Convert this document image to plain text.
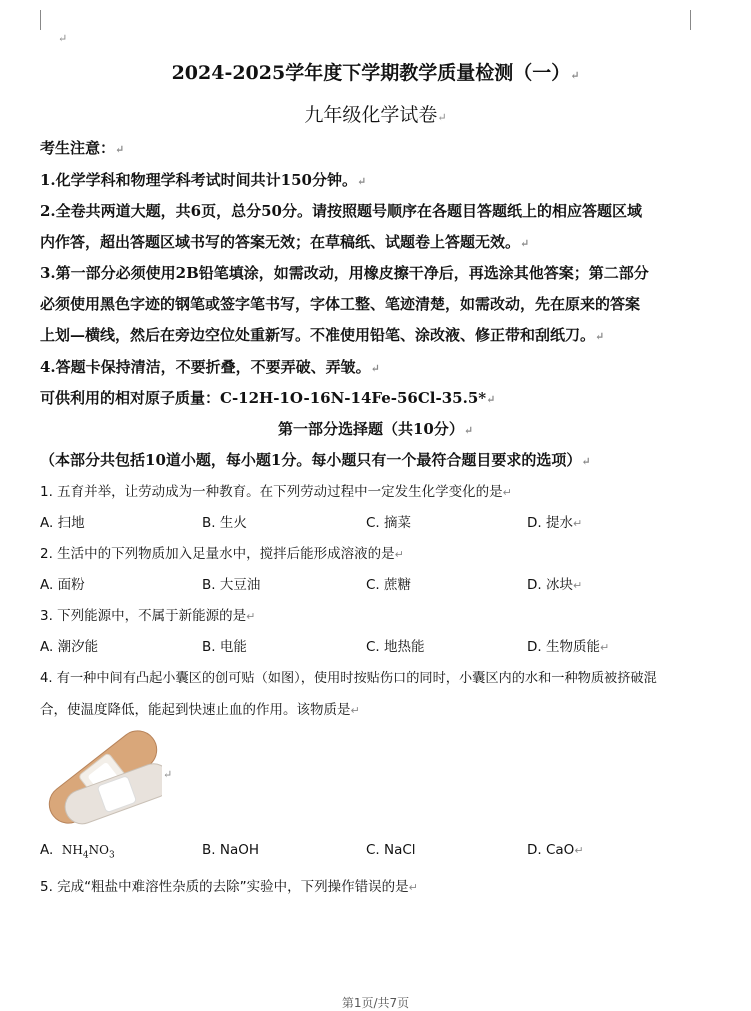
↵
2024-2025学年度下学期教学质量检测（一）↵
九年级化学试卷↵
考生注意：↵
1.化学学科和物理学科考试时间共计150分钟。↵
2.全卷共两道大题，共6页，总分50分。请按照题号顺序在各题目答题纸上的相应答题区域
内作答，超出答题区域书写的答案无效；在草稿纸、试题卷上答题无效。↵
3.第一部分必须使用2B铅笔填涂，如需改动，用橡皮擦干净后，再选涂其他答案；第二部分
必须使用黑色字迹的钢笔或签字笔书写，字体工整、笔迹清楚，如需改动，先在原来的答案
上划—横线，然后在旁边空位处重新写。不准使用铅笔、涂改液、修正带和刮纸刀。↵
4.答题卡保持清洁，不要折叠，不要弄破、弄皱。↵
可供利用的相对原子质量：C-12H-1O-16N-14Fe-56Cl-35.5*↵
第一部分选择题（共10分）↵
（本部分共包括10道小题，每小题1分。每小题只有一个最符合题目要求的选项）↵
1. 五育并举，让劳动成为一种教育。在下列劳动过程中一定发生化学变化的是↵
A. 扫地	B. 生火	C. 摘菜	D. 提水↵
2. 生活中的下列物质加入足量水中，搅拌后能形成溶液的是↵
A. 面粉	B. 大豆油	C. 蔗糖	D. 冰块↵
3. 下列能源中，不属于新能源的是↵
A. 潮汐能	B. 电能	C. 地热能	D. 生物质能↵
4. 有一种中间有凸起小囊区的创可贴（如图），使用时按贴伤口的同时，小囊区内的水和一种物质被挤破混
合，使温度降低，能起到快速止血的作用。该物质是↵
↵
A. $NH_4NO_3$	B. NaOH	C. NaCl	D. CaO↵
5. 完成“粗盐中难溶性杂质的去除”实验中，下列操作错误的是↵
第1页/共7页
